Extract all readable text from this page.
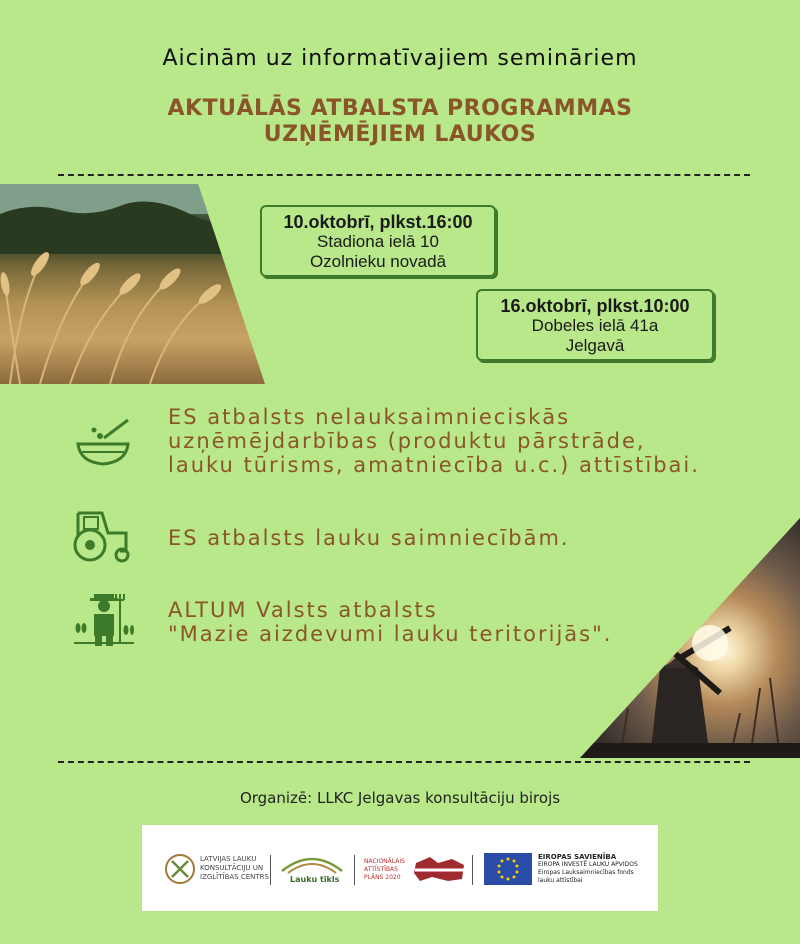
Aicinām uz informatīvajiem semināriem
AKTUĀLĀS ATBALSTA PROGRAMMAS
UZŅĒMĒJIEM LAUKOS
10.oktobrī, plkst.16:00
Stadiona ielā 10
Ozolnieku novadā
16.oktobrī, plkst.10:00
Dobeles ielā 41a
Jelgavā
ES atbalsts nelauksaimnieciskās
uzņēmējdarbības (produktu pārstrāde,
lauku tūrisms, amatniecība u.c.) attīstībai.
ES atbalsts lauku saimniecībām.
ALTUM Valsts atbalsts
"Mazie aizdevumi lauku teritorijās".
Organizē: LLKC Jelgavas konsultāciju birojs
LATVIJAS LAUKU
KONSULTĀCIJU UN
IZGLĪTĪBAS CENTRS	Lauku tīkls
NACIONĀLAIS
ATTĪSTĪBAS
PLĀNS 2020
EIROPAS SAVIENĪBA
EIROPA INVESTĒ LAUKU APVIDOS
Eiropas Lauksaimniecības fonds
lauku attīstībai
